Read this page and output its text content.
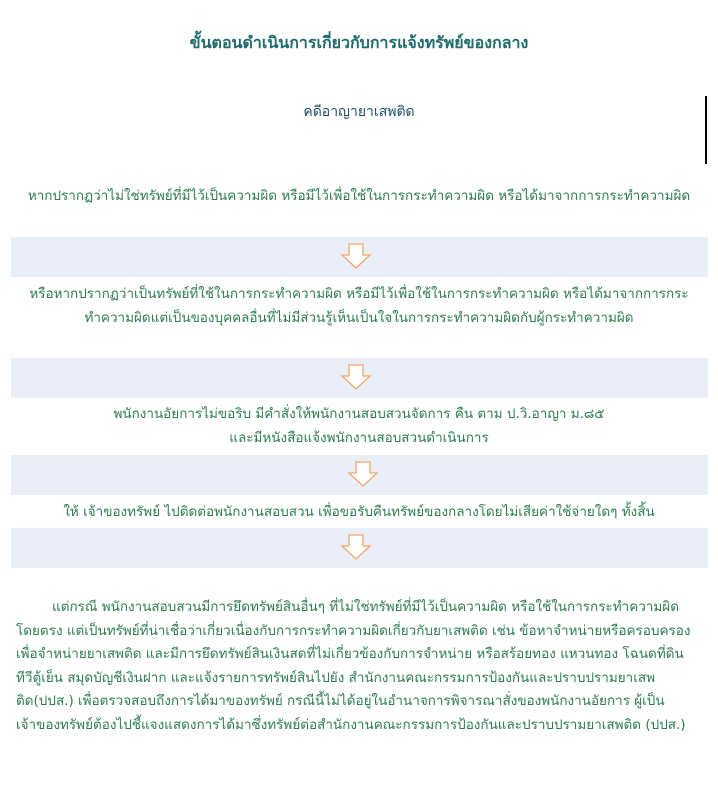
ขั้นตอนดำเนินการเกี่ยวกับการแจ้งทรัพย์ของกลาง
คดีอาญายาเสพติด
หากปรากฏว่าไม่ใช่ทรัพย์ที่มีไว้เป็นความผิด หรือมีไว้เพื่อใช้ในการกระทำความผิด หรือได้มาจากการกระทำความผิด
หรือหากปรากฏว่าเป็นทรัพย์ที่ใช้ในการกระทำความผิด หรือมีไว้เพื่อใช้ในการกระทำความผิด หรือได้มาจากการกระทำความผิดแต่เป็นของบุคคลอื่นที่ไม่มีส่วนรู้เห็นเป็นใจในการกระทำความผิดกับผู้กระทำความผิด
พนักงานอัยการไม่ขอริบ มีคำสั่งให้พนักงานสอบสวนจัดการ คืน ตาม ป.วิ.อาญา ม.๘๕
และมีหนังสือแจ้งพนักงานสอบสวนดำเนินการ
ให้ เจ้าของทรัพย์ ไปติดต่อพนักงานสอบสวน เพื่อขอรับคืนทรัพย์ของกลางโดยไม่เสียค่าใช้จ่ายใดๆ ทั้งสิ้น
แต่กรณี พนักงานสอบสวนมีการยึดทรัพย์สินอื่นๆ ที่ไม่ใช่ทรัพย์ที่มีไว้เป็นความผิด หรือใช้ในการกระทำความผิดโดยตรง แต่เป็นทรัพย์ที่น่าเชื่อว่าเกี่ยวเนื่องกับการกระทำความผิดเกี่ยวกับยาเสพติด เช่น ข้อหาจำหน่ายหรือครอบครองเพื่อจำหน่ายยาเสพติด และมีการยึดทรัพย์สินเงินสดที่ไม่เกี่ยวข้องกับการจำหน่าย หรือสร้อยทอง แหวนทอง โฉนดที่ดิน ทีวีตู้เย็น สมุดบัญชีเงินฝาก และแจ้งรายการทรัพย์สินไปยัง สำนักงานคณะกรรมการป้องกันและปราบปรามยาเสพติด(ปปส.) เพื่อตรวจสอบถึงการได้มาของทรัพย์ กรณีนี้ไม่ได้อยู่ในอำนาจการพิจารณาสั่งของพนักงานอัยการ ผู้เป็นเจ้าของทรัพย์ต้องไปชี้แจงแสดงการได้มาซึ่งทรัพย์ต่อสำนักงานคณะกรรมการป้องกันและปราบปรามยาเสพติด (ปปส.)
